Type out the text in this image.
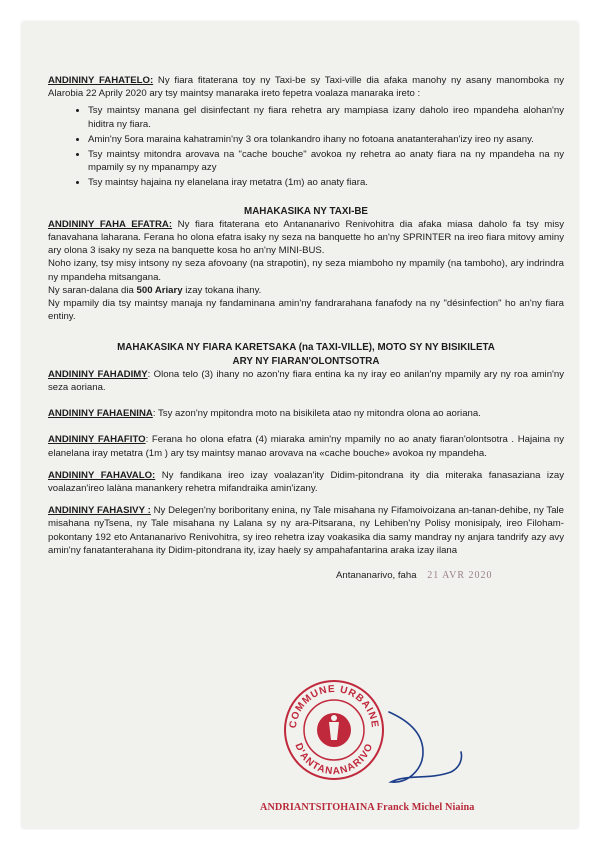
ANDININY FAHATELO: Ny fiara fitaterana toy ny Taxi-be sy Taxi-ville dia afaka manohy ny asany manomboka ny Alarobia 22 Aprily 2020 ary tsy maintsy manaraka ireto fepetra voalaza manaraka ireto :

• Tsy maintsy manana gel disinfectant ny fiara rehetra ary mampiasa izany daholo ireo mpandeha alohan'ny hiditra ny fiara.
• Amin'ny 5ora maraina kahatramin'ny 3 ora tolankandro ihany no fotoana anatanterahan'izy ireo ny asany.
• Tsy maintsy mitondra arovava na "cache bouche" avokoa ny rehetra ao anaty fiara na ny mpandeha na ny mpamily sy ny mpanampy azy
• Tsy maintsy hajaina ny elanelana iray metatra (1m) ao anaty fiara.
MAHAKASIKA NY TAXI-BE

ANDININY FAHA EFATRA: Ny fiara fitaterana eto Antananarivo Renivohitra dia afaka miasa daholo fa tsy misy fanavahana laharana. Ferana ho olona efatra isaky ny seza na banquette ho an'ny SPRINTER na ireo fiara mitovy aminy ary olona 3 isaky ny seza na banquette kosa ho an'ny MINI-BUS.

Noho izany, tsy misy intsony ny seza afovoany (na strapotin), ny seza miamboho ny mpamily (na tamboho), ary indrindra ny mpandeha mitsangana.

Ny saran-dalana dia 500 Ariary izay tokana ihany.

Ny mpamily dia tsy maintsy manaja ny fandaminana amin'ny fandrarahana fanafody na ny "désinfection" ho an'ny fiara entiny.

MAHAKASIKA NY FIARA KARETSAKA (na TAXI-VILLE), MOTO SY NY BISIKILETA
ARY NY FIARAN'OLONTSOTRA

ANDININY FAHADIMY: Olona telo (3) ihany no azon'ny fiara entina ka ny iray eo anilan'ny mpamily ary ny roa amin'ny seza aoriana.

ANDININY FAHAENINA: Tsy azon'ny mpitondra moto na bisikileta atao ny mitondra olona ao aoriana.

ANDININY FAHAFITO: Ferana ho olona efatra (4) miaraka amin'ny mpamily no ao anaty fiaran'olontsotra . Hajaina ny elanelana iray metatra (1m ) ary tsy maintsy manao arovava na «cache bouche» avokoa ny mpandeha.

ANDININY FAHAVALO: Ny fandikana ireo izay voalazan'ity Didim-pitondrana ity dia miteraka fanasaziana izay voalazan'ireo lalàna manankery rehetra mifandraika amin'izany.

ANDININY FAHASIVY : Ny Delegen'ny boriboritany enina, ny Tale misahana ny Fifamoivoizana an-tanan-dehibe, ny Tale misahana nyTsena, ny Tale misahana ny Lalana sy ny ara-Pitsarana, ny Lehiben'ny Polisy monisipaly, ireo Filoham-pokontany 192 eto Antananarivo Renivohitra, sy ireo rehetra izay voakasika dia samy mandray ny anjara tandrify azy avy amin'ny fanatanterahana ity Didim-pitondrana ity, izay haely sy ampahafantarina araka izay ilana

Antananarivo, faha 21 AVR 2020
COMMUNE URBAINE
D'ANTANANARIVO
ANDRIANTSITOHAINA Franck Michel Niaina
